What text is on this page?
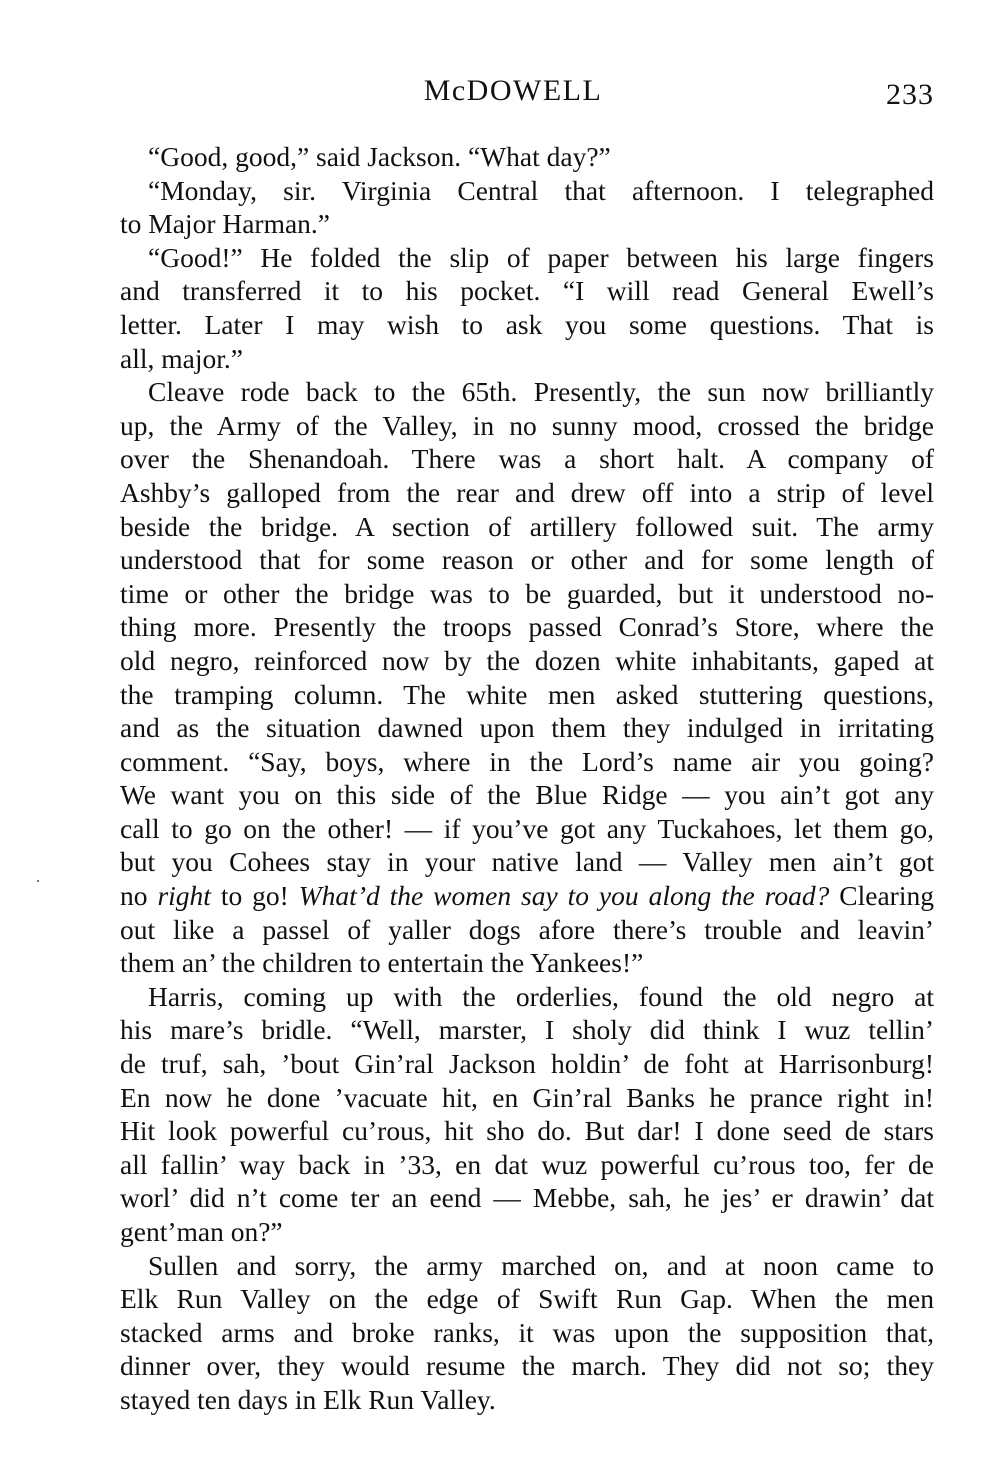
McDOWELL	233
“Good, good,” said Jackson. “What day?”
“Monday, sir. Virginia Central that afternoon. I telegraphed
to Major Harman.”
“Good!” He folded the slip of paper between his large fingers
and transferred it to his pocket. “I will read General Ewell’s
letter. Later I may wish to ask you some questions. That is
all, major.”
Cleave rode back to the 65th. Presently, the sun now brilliantly
up, the Army of the Valley, in no sunny mood, crossed the bridge
over the Shenandoah. There was a short halt. A company of
Ashby’s galloped from the rear and drew off into a strip of level
beside the bridge. A section of artillery followed suit. The army
understood that for some reason or other and for some length of
time or other the bridge was to be guarded, but it understood no-
thing more. Presently the troops passed Conrad’s Store, where the
old negro, reinforced now by the dozen white inhabitants, gaped at
the tramping column. The white men asked stuttering questions,
and as the situation dawned upon them they indulged in irritating
comment. “Say, boys, where in the Lord’s name air you going?
We want you on this side of the Blue Ridge — you ain’t got any
call to go on the other! — if you’ve got any Tuckahoes, let them go,
but you Cohees stay in your native land — Valley men ain’t got
no right to go! What’d the women say to you along the road? Clearing
out like a passel of yaller dogs afore there’s trouble and leavin’
them an’ the children to entertain the Yankees!”
Harris, coming up with the orderlies, found the old negro at
his mare’s bridle. “Well, marster, I sholy did think I wuz tellin’
de truf, sah, ’bout Gin’ral Jackson holdin’ de foht at Harrisonburg!
En now he done ’vacuate hit, en Gin’ral Banks he prance right in!
Hit look powerful cu’rous, hit sho do. But dar! I done seed de stars
all fallin’ way back in ’33, en dat wuz powerful cu’rous too, fer de
worl’ did n’t come ter an eend — Mebbe, sah, he jes’ er drawin’ dat
gent’man on?”
Sullen and sorry, the army marched on, and at noon came to
Elk Run Valley on the edge of Swift Run Gap. When the men
stacked arms and broke ranks, it was upon the supposition that,
dinner over, they would resume the march. They did not so; they
stayed ten days in Elk Run Valley.
